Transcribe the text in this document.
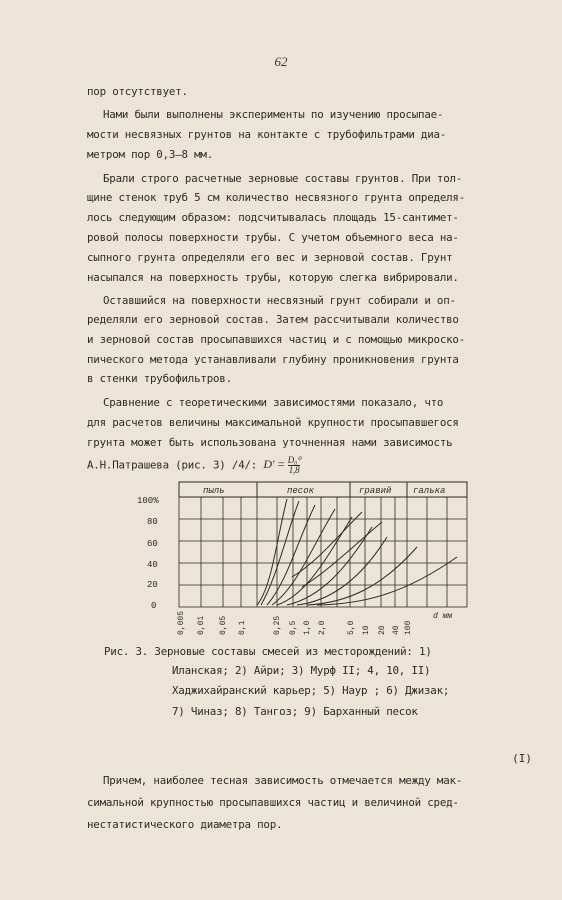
62
пор отсутствует.
Нами были выполнены эксперименты по изучению просыпае-
мости несвязных грунтов на контакте с трубофильтрами диа-
метром пор 0,3–8 мм.
Брали строго расчетные зерновые составы грунтов. При тол-
щине стенок труб 5 см количество несвязного грунта определя-
лось следующим образом: подсчитывалась площадь 15-сантимет-
ровой полосы поверхности трубы. С учетом объемного веса на-
сыпного грунта определяли его вес и зерновой состав. Грунт
насыпался на поверхность трубы, которую слегка вибрировали.
Оставшийся на поверхности несвязный грунт собирали и оп-
ределяли его зерновой состав. Затем рассчитывали количество
и зерновой состав просыпавшихся частиц и с помощью микроско-
пического метода устанавливали глубину проникновения грунта
в стенки трубофильтров.
Сравнение с теоретическими зависимостями показало, что
для расчетов величины максимальной крупности просыпавшегося
грунта может быть использована уточненная нами зависимость
А.Н.Патрашева (рис. 3) /4/: $D' = \frac{\text{D₀⁰}}{1,8}$
100%
80
60
40
20
0
пыль	песок	гравий галька
0,005 0,01 0,05 0,1	0,25 0,5 1,0 2,0	5,0 10 20 40 100
d мм
Рис. 3. Зерновые составы смесей из месторождений: 1)
Иланская; 2) Айри; 3) Мурф II; 4, 10, II)
Хаджихайранский карьер; 5) Наур ; 6) Джизак;
7) Чиназ; 8) Тангоз; 9) Барханный песок
(I)
Причем, наиболее тесная зависимость отмечается между мак-
симальной крупностью просыпавшихся частиц и величиной сред-
неcтатистического диаметра пор.
